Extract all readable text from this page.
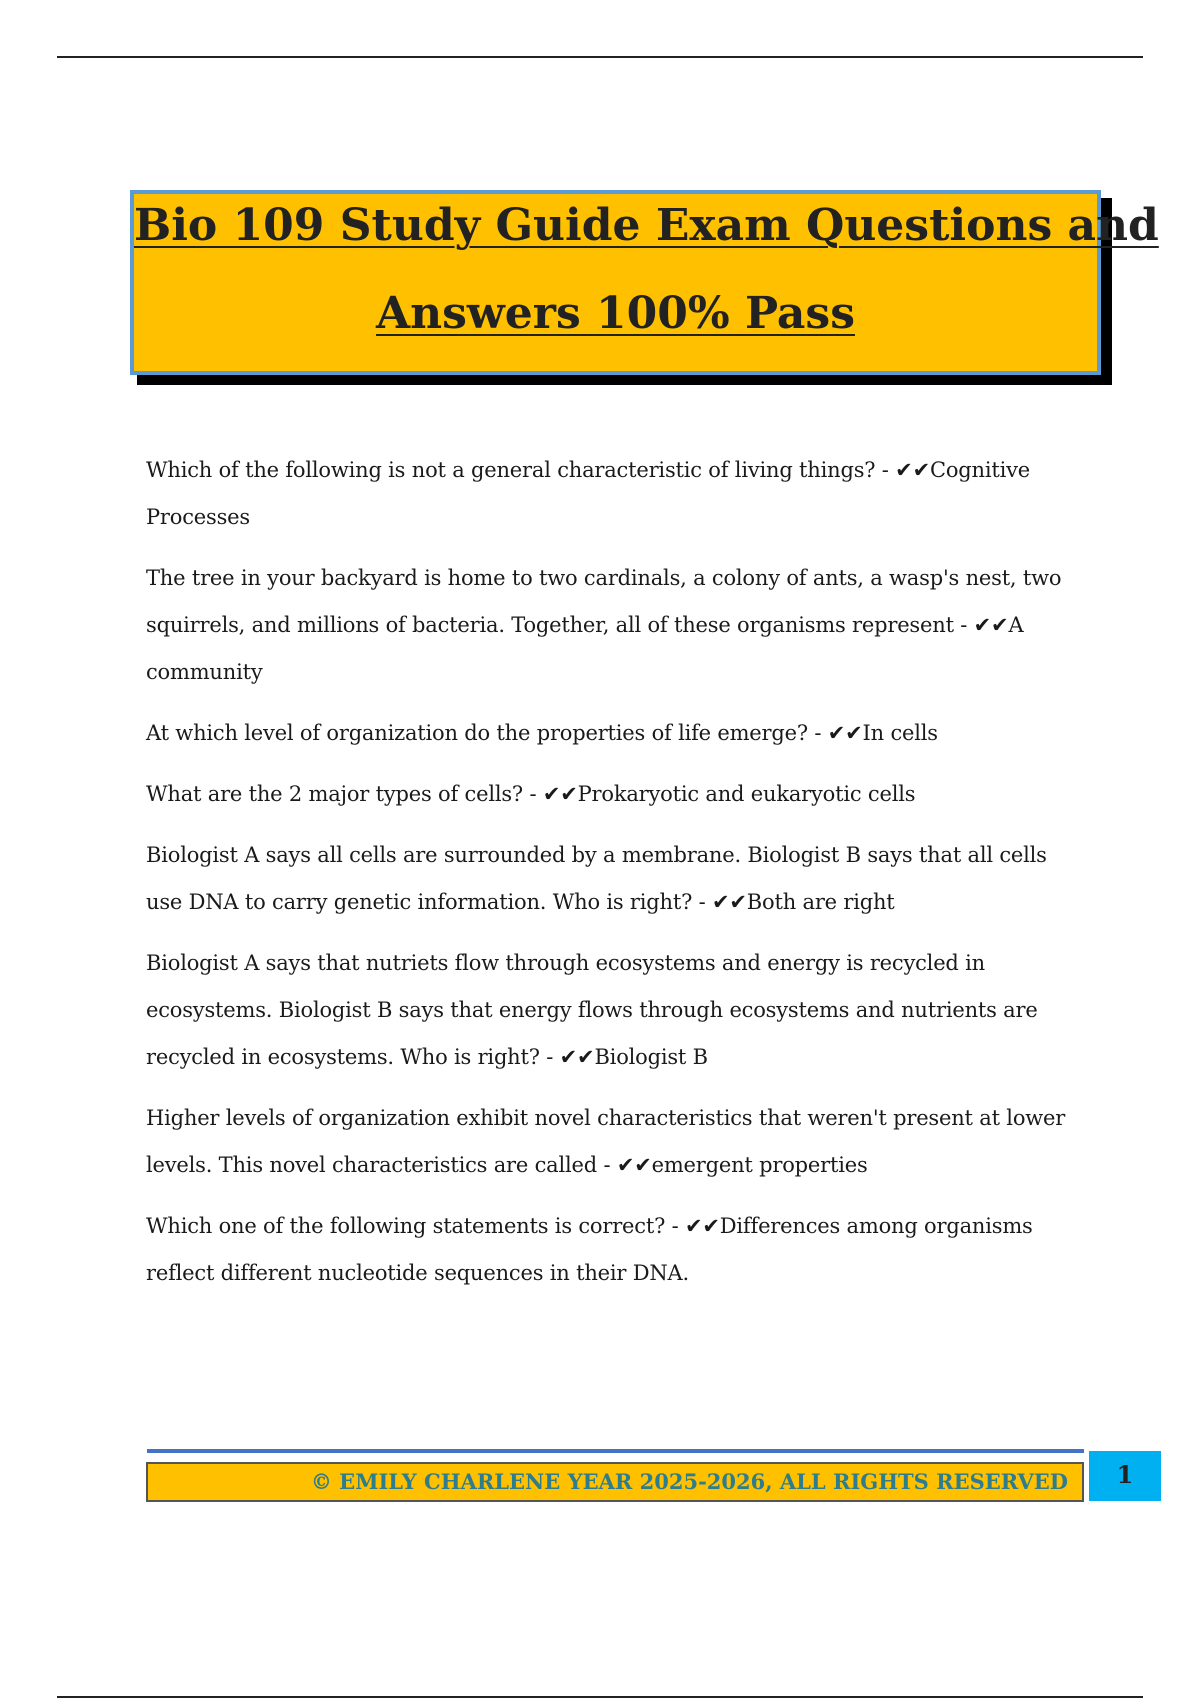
Bio 109 Study Guide Exam Questions and
Answers 100% Pass
Which of the following is not a general characteristic of living things? - ✔✔Cognitive Processes
The tree in your backyard is home to two cardinals, a colony of ants, a wasp's nest, two squirrels, and millions of bacteria. Together, all of these organisms represent - ✔✔A community
At which level of organization do the properties of life emerge? - ✔✔In cells
What are the 2 major types of cells? - ✔✔Prokaryotic and eukaryotic cells
Biologist A says all cells are surrounded by a membrane. Biologist B says that all cells use DNA to carry genetic information. Who is right? - ✔✔Both are right
Biologist A says that nutriets flow through ecosystems and energy is recycled in ecosystems. Biologist B says that energy flows through ecosystems and nutrients are recycled in ecosystems. Who is right? - ✔✔Biologist B
Higher levels of organization exhibit novel characteristics that weren't present at lower levels. This novel characteristics are called - ✔✔emergent properties
Which one of the following statements is correct? - ✔✔Differences among organisms reflect different nucleotide sequences in their DNA.
© EMILY CHARLENE YEAR 2025-2026, ALL RIGHTS RESERVED	1
